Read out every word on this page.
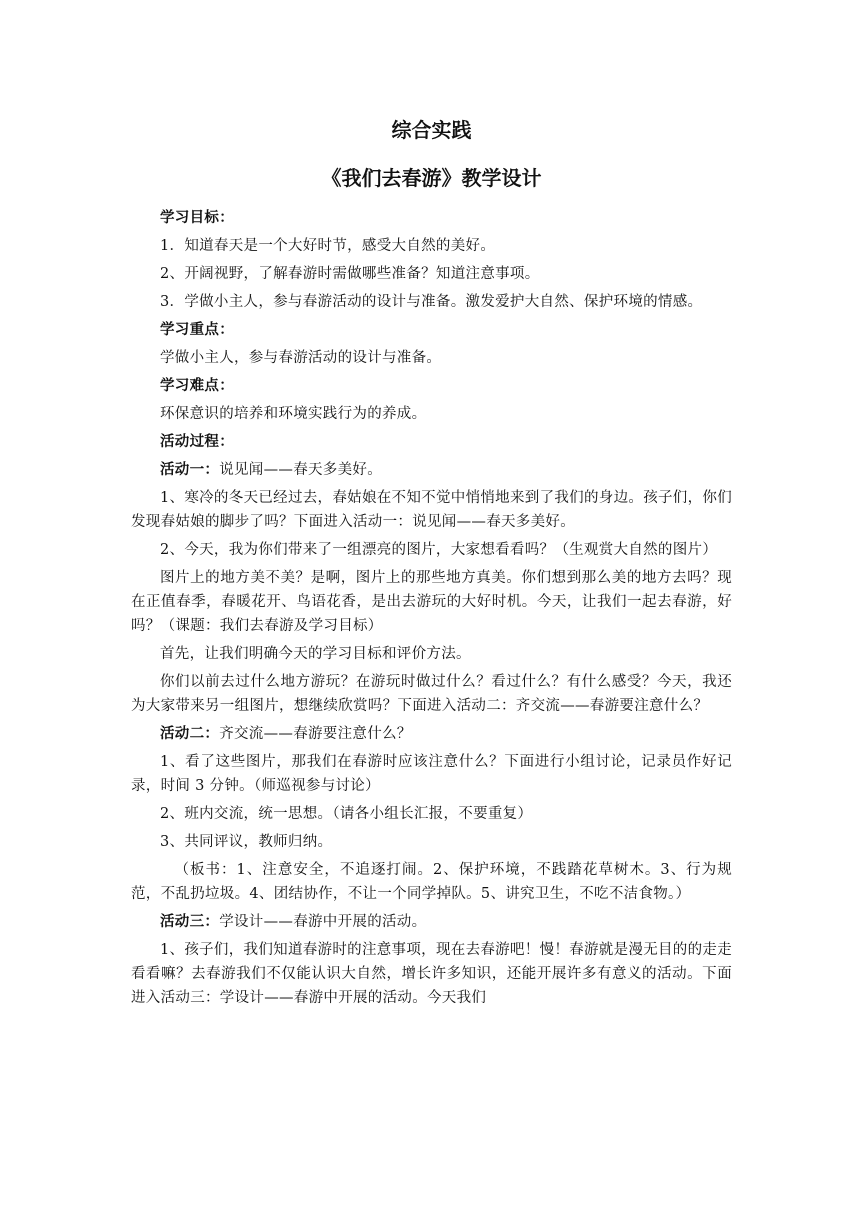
综合实践
《我们去春游》教学设计

学习目标：

1．知道春天是一个大好时节，感受大自然的美好。

2、开阔视野，了解春游时需做哪些准备？知道注意事项。

3．学做小主人，参与春游活动的设计与准备。激发爱护大自然、保护环境的情感。

学习重点：

学做小主人，参与春游活动的设计与准备。

学习难点：

环保意识的培养和环境实践行为的养成。

活动过程：

活动一：说见闻——春天多美好。

1、寒冷的冬天已经过去，春姑娘在不知不觉中悄悄地来到了我们的身边。孩子们，你们发现春姑娘的脚步了吗？下面进入活动一：说见闻——春天多美好。

2、今天，我为你们带来了一组漂亮的图片，大家想看看吗？（生观赏大自然的图片）

图片上的地方美不美？是啊，图片上的那些地方真美。你们想到那么美的地方去吗？现在正值春季，春暖花开、鸟语花香，是出去游玩的大好时机。今天，让我们一起去春游，好吗？（课题：我们去春游及学习目标）

首先，让我们明确今天的学习目标和评价方法。

你们以前去过什么地方游玩？在游玩时做过什么？看过什么？有什么感受？今天，我还为大家带来另一组图片，想继续欣赏吗？下面进入活动二：齐交流——春游要注意什么？

活动二：齐交流——春游要注意什么？

1、看了这些图片，那我们在春游时应该注意什么？下面进行小组讨论，记录员作好记录，时间 3 分钟。（师巡视参与讨论）

2、班内交流，统一思想。（请各小组长汇报，不要重复）

3、共同评议，教师归纳。

（板书：1、注意安全，不追逐打闹。2、保护环境，不践踏花草树木。3、行为规范，不乱扔垃圾。4、团结协作，不让一个同学掉队。5、讲究卫生，不吃不洁食物。）

活动三：学设计——春游中开展的活动。

1、孩子们，我们知道春游时的注意事项，现在去春游吧！慢！春游就是漫无目的的走走看看嘛？去春游我们不仅能认识大自然，增长许多知识，还能开展许多有意义的活动。下面进入活动三：学设计——春游中开展的活动。今天我们
